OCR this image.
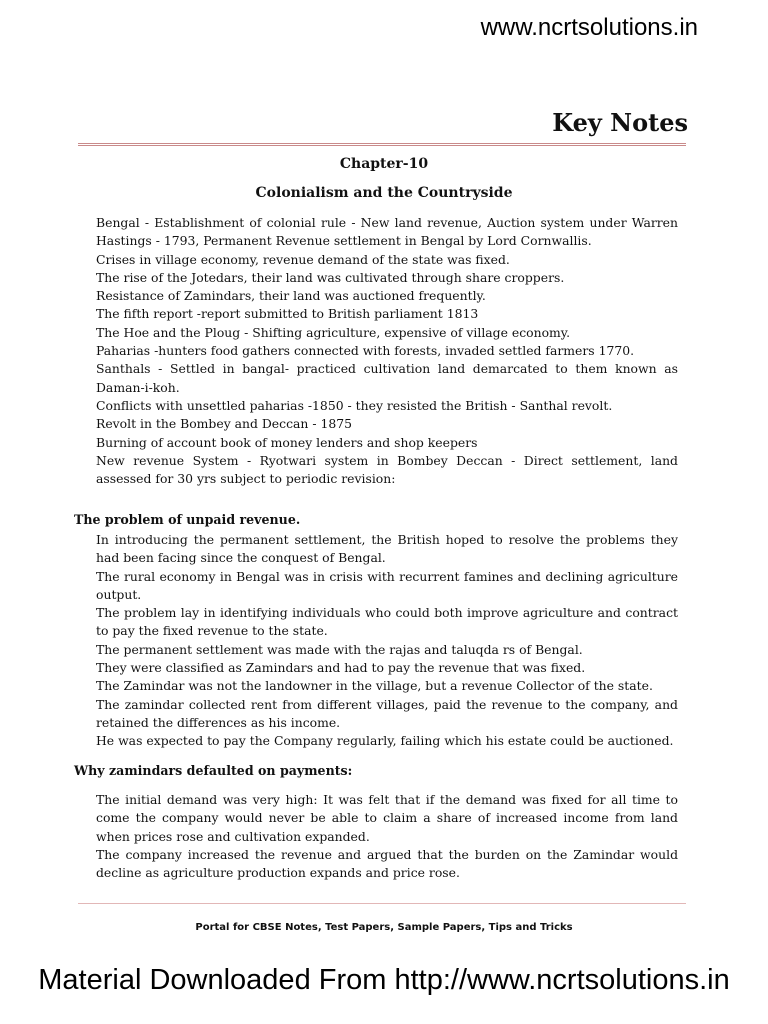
www.ncrtsolutions.in
Key Notes
Chapter-10
Colonialism and the Countryside

Bengal - Establishment of colonial rule - New land revenue, Auction system under Warren Hastings - 1793, Permanent Revenue settlement in Bengal by Lord Cornwallis.

Crises in village economy, revenue demand of the state was fixed.

The rise of the Jotedars, their land was cultivated through share croppers.

Resistance of Zamindars, their land was auctioned frequently.

The fifth report -report submitted to British parliament 1813

The Hoe and the Ploug - Shifting agriculture, expensive of village economy.

Paharias -hunters food gathers connected with forests, invaded settled farmers 1770.

Santhals - Settled in bangal- practiced cultivation land demarcated to them known as Daman-i-koh.

Conflicts with unsettled paharias -1850 - they resisted the British - Santhal revolt.

Revolt in the Bombey and Deccan - 1875

Burning of account book of money lenders and shop keepers

New revenue System - Ryotwari system in Bombey Deccan - Direct settlement, land assessed for 30 yrs subject to periodic revision:

The problem of unpaid revenue.

In introducing the permanent settlement, the British hoped to resolve the problems they had been facing since the conquest of Bengal.

The rural economy in Bengal was in crisis with recurrent famines and declining agriculture output.

The problem lay in identifying individuals who could both improve agriculture and contract to pay the fixed revenue to the state.

The permanent settlement was made with the rajas and taluqda rs of Bengal.

They were classified as Zamindars and had to pay the revenue that was fixed.

The Zamindar was not the landowner in the village, but a revenue Collector of the state.

The zamindar collected rent from different villages, paid the revenue to the company, and retained the differences as his income.

He was expected to pay the Company regularly, failing which his estate could be auctioned.

Why zamindars defaulted on payments:

The initial demand was very high: It was felt that if the demand was fixed for all time to come the company would never be able to claim a share of increased income from land when prices rose and cultivation expanded.

The company increased the revenue and argued that the burden on the Zamindar would decline as agriculture production expands and price rose.

Portal for CBSE Notes, Test Papers, Sample Papers, Tips and Tricks
Material Downloaded From http://www.ncrtsolutions.in
